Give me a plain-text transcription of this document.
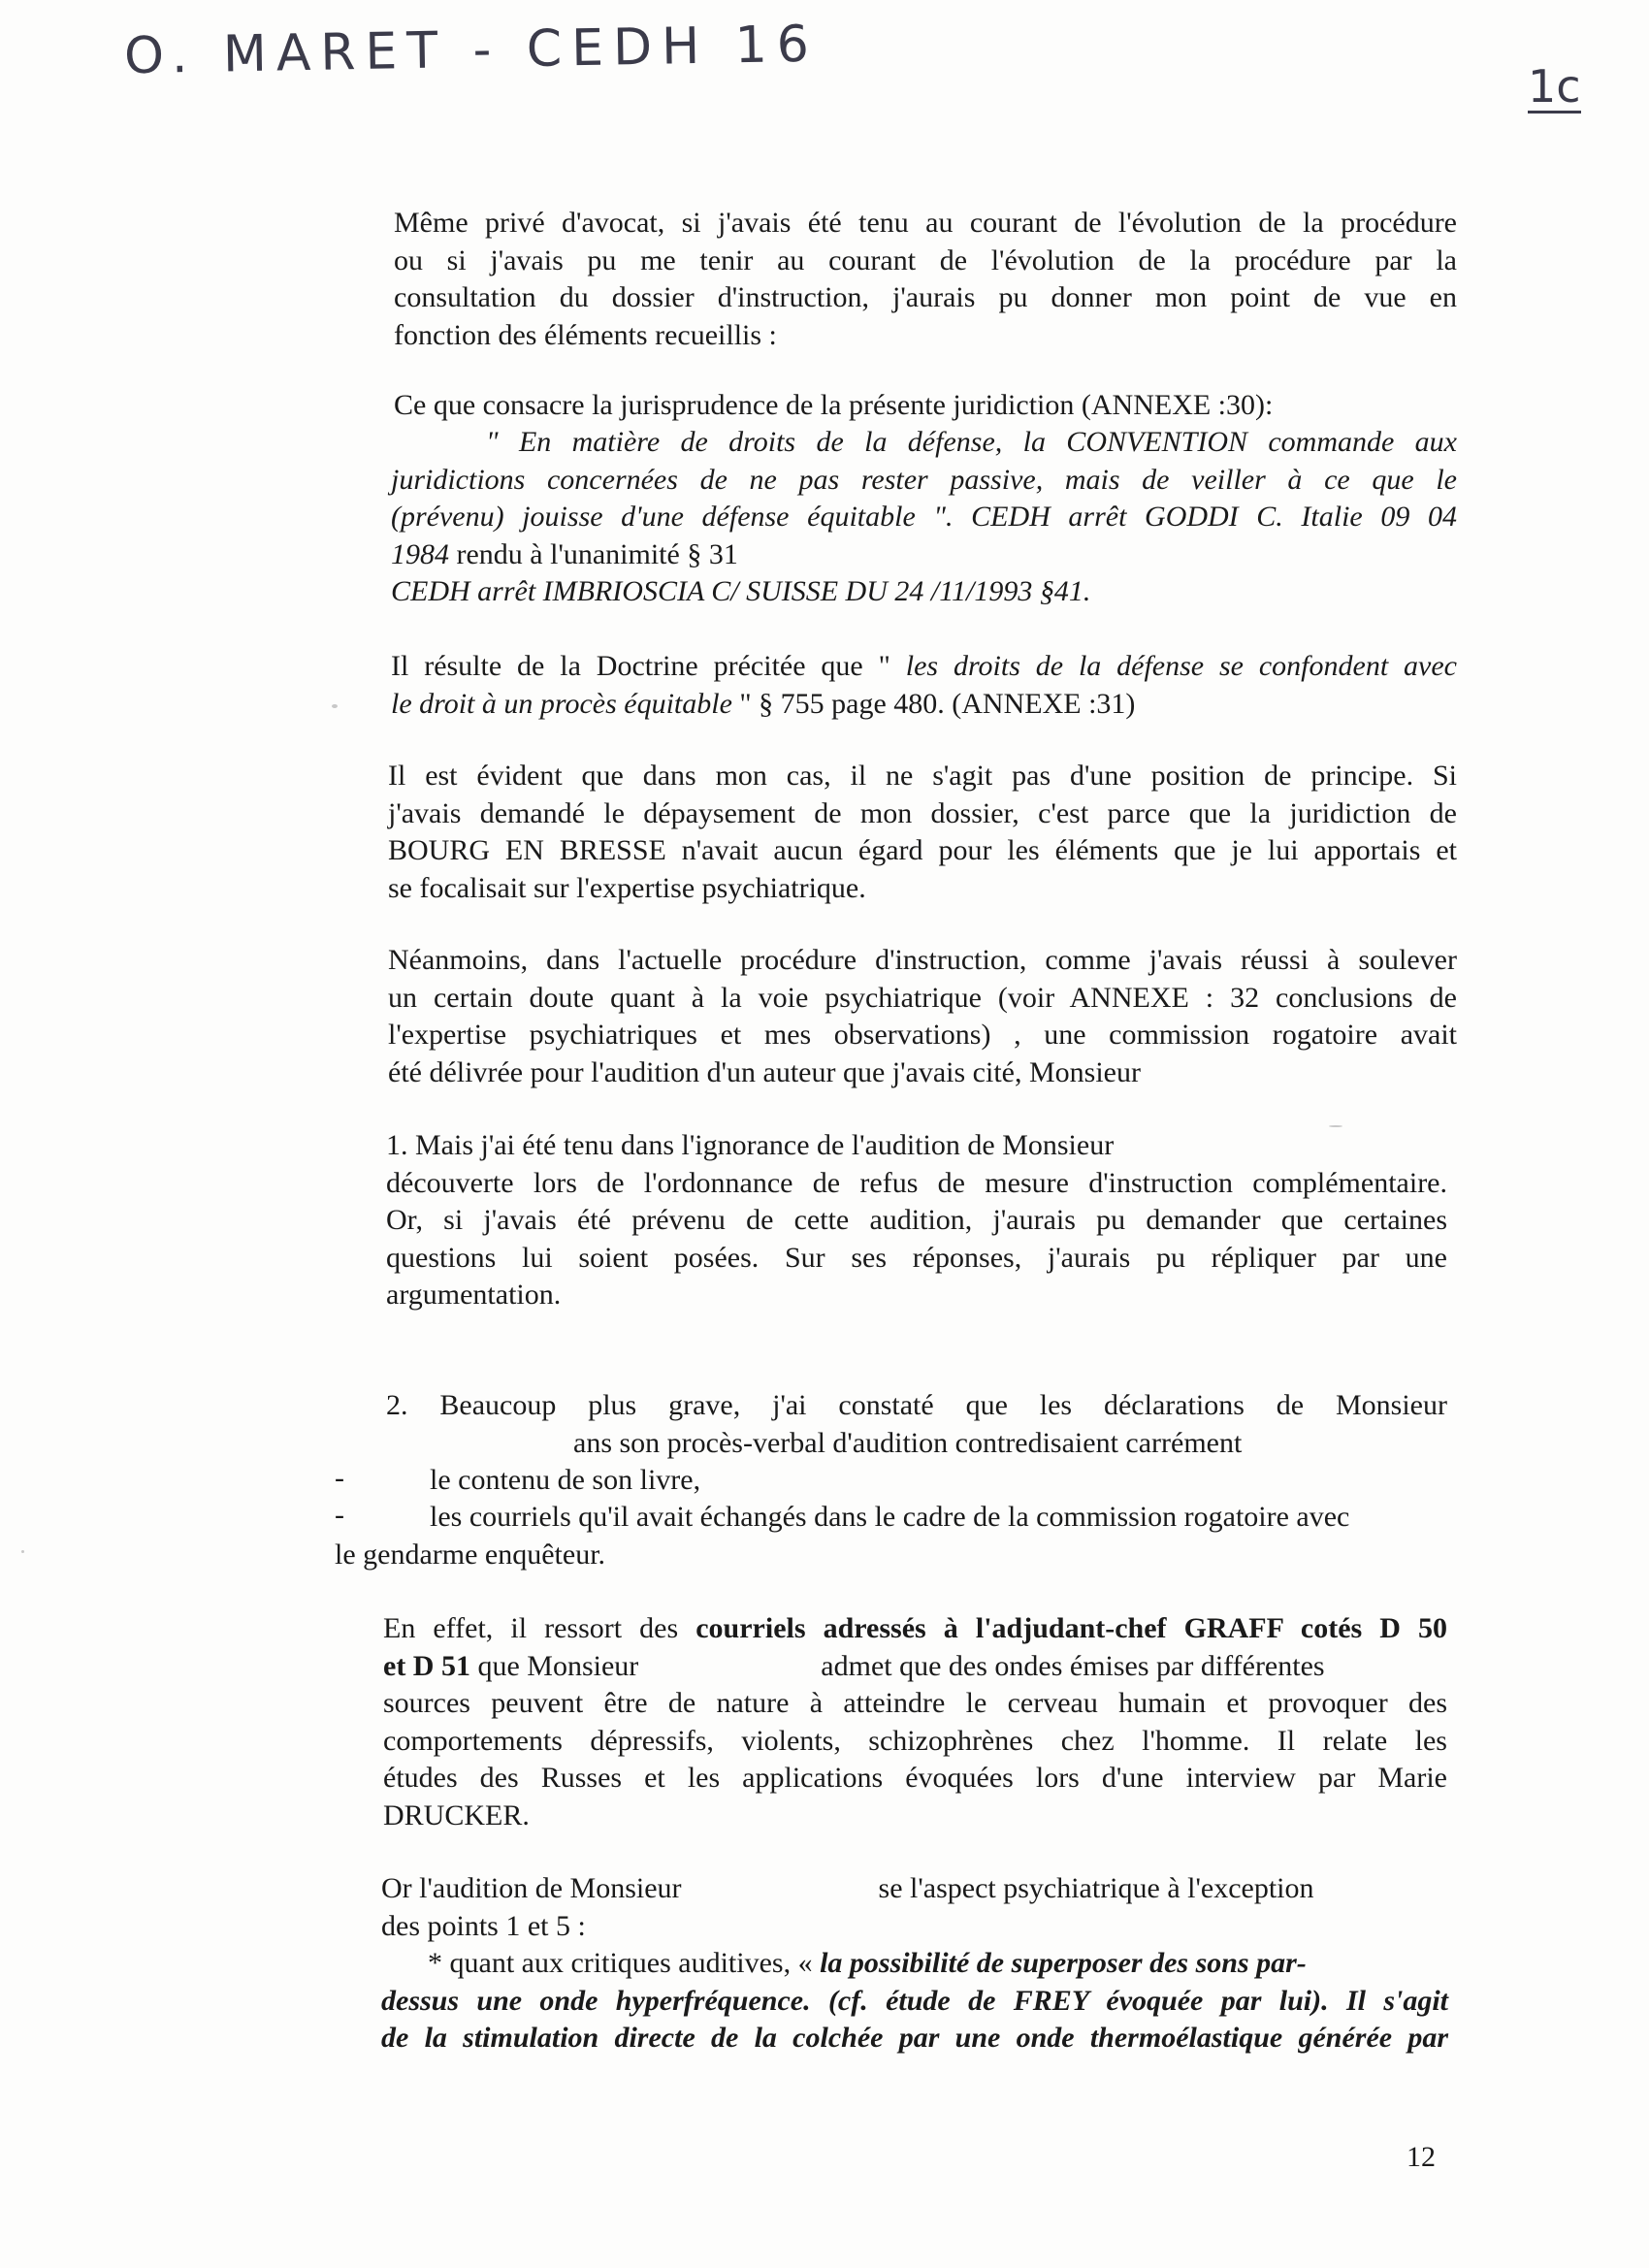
O. MARET - CEDH 16
1c
Même privé d'avocat, si j'avais été tenu au courant de l'évolution de la procédure
ou si j'avais pu me tenir au courant de l'évolution de la procédure par la
consultation du dossier d'instruction, j'aurais pu donner mon point de vue en
fonction des éléments recueillis :
Ce que consacre la jurisprudence de la présente juridiction (ANNEXE :30):
" En matière de droits de la défense, la CONVENTION commande aux
juridictions concernées de ne pas rester passive, mais de veiller à ce que le
(prévenu) jouisse d'une défense équitable ". CEDH arrêt GODDI C. Italie 09 04
1984 rendu à l'unanimité § 31
CEDH arrêt IMBRIOSCIA C/ SUISSE DU 24 /11/1993 §41.
Il résulte de la Doctrine précitée que " les droits de la défense se confondent avec
le droit à un procès équitable " § 755 page 480. (ANNEXE :31)
Il est évident que dans mon cas, il ne s'agit pas d'une position de principe. Si
j'avais demandé le dépaysement de mon dossier, c'est parce que la juridiction de
BOURG EN BRESSE n'avait aucun égard pour les éléments que je lui apportais et
se focalisait sur l'expertise psychiatrique.
Néanmoins, dans l'actuelle procédure d'instruction, comme j'avais réussi à soulever
un certain doute quant à la voie psychiatrique (voir ANNEXE : 32 conclusions de
l'expertise psychiatriques et mes observations) , une commission rogatoire avait
été délivrée pour l'audition d'un auteur que j'avais cité, Monsieur
1. Mais j'ai été tenu dans l'ignorance de l'audition de Monsieur
découverte lors de l'ordonnance de refus de mesure d'instruction complémentaire.
Or, si j'avais été prévenu de cette audition, j'aurais pu demander que certaines
questions lui soient posées. Sur ses réponses, j'aurais pu répliquer par une
argumentation.
2. Beaucoup plus grave, j'ai constaté que les déclarations de Monsieur
ans son procès-verbal d'audition contredisaient carrément
-	le contenu de son livre,
-	les courriels qu'il avait échangés dans le cadre de la commission rogatoire avec
le gendarme enquêteur.
En effet, il ressort des courriels adressés à l'adjudant-chef GRAFF cotés D 50
et D 51 que Monsieur	admet que des ondes émises par différentes
sources peuvent être de nature à atteindre le cerveau humain et provoquer des
comportements dépressifs, violents, schizophrènes chez l'homme. Il relate les
études des Russes et les applications évoquées lors d'une interview par Marie
DRUCKER.
Or l'audition de Monsieur	se l'aspect psychiatrique à l'exception
des points 1 et 5 :
* quant aux critiques auditives, « la possibilité de superposer des sons par-
dessus une onde hyperfréquence. (cf. étude de FREY évoquée par lui). Il s'agit
de la stimulation directe de la colchée par une onde thermoélastique générée par
12
